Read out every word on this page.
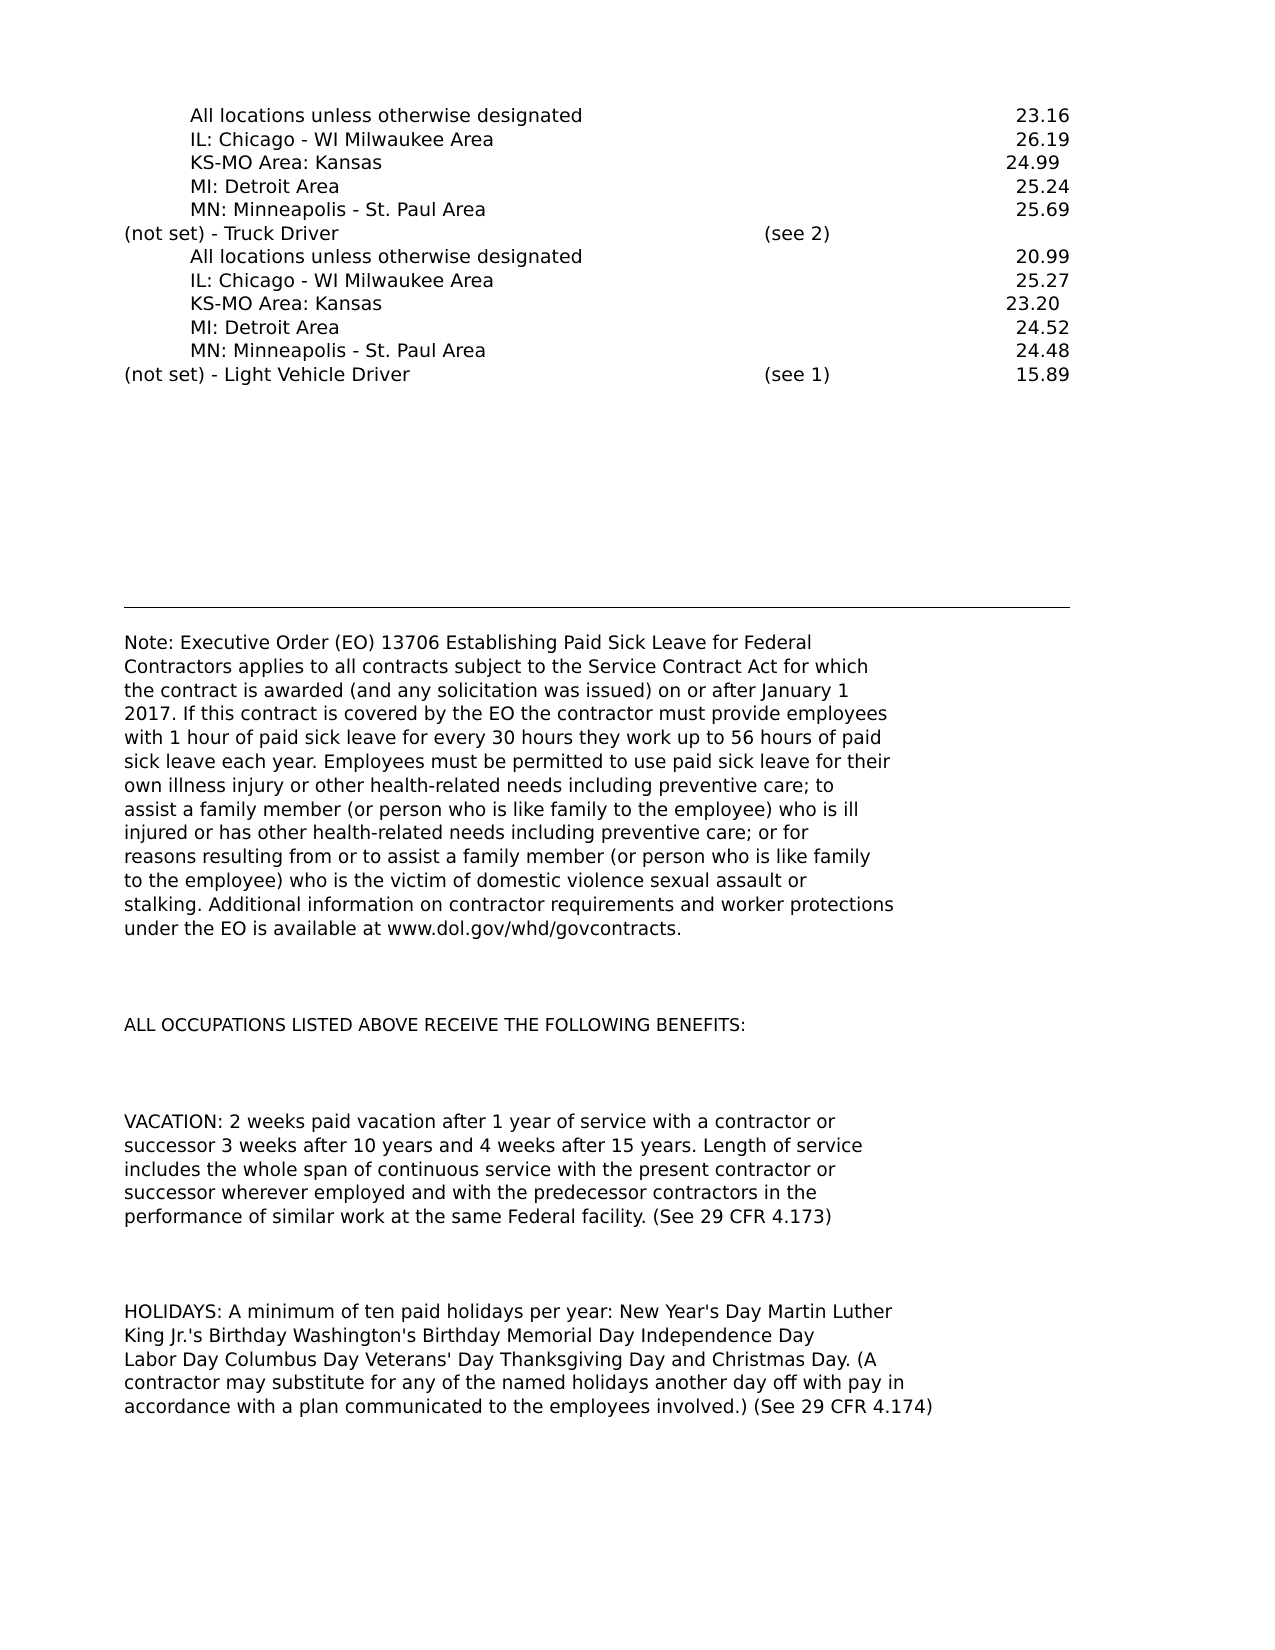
All locations unless otherwise designated	23.16
IL: Chicago - WI Milwaukee Area	26.19
KS-MO Area: Kansas	24.99
MI: Detroit Area	25.24
MN: Minneapolis - St. Paul Area	25.69
(not set) - Truck Driver	(see 2)
All locations unless otherwise designated	20.99
IL: Chicago - WI Milwaukee Area	25.27
KS-MO Area: Kansas	23.20
MI: Detroit Area	24.52
MN: Minneapolis - St. Paul Area	24.48
(not set) - Light Vehicle Driver	(see 1)	15.89

Note: Executive Order (EO) 13706 Establishing Paid Sick Leave for Federal
Contractors applies to all contracts subject to the Service Contract Act for which
the contract is awarded (and any solicitation was issued) on or after January 1
2017. If this contract is covered by the EO the contractor must provide employees
with 1 hour of paid sick leave for every 30 hours they work up to 56 hours of paid
sick leave each year. Employees must be permitted to use paid sick leave for their
own illness injury or other health-related needs including preventive care; to
assist a family member (or person who is like family to the employee) who is ill
injured or has other health-related needs including preventive care; or for
reasons resulting from or to assist a family member (or person who is like family
to the employee) who is the victim of domestic violence sexual assault or
stalking. Additional information on contractor requirements and worker protections
under the EO is available at www.dol.gov/whd/govcontracts.

ALL OCCUPATIONS LISTED ABOVE RECEIVE THE FOLLOWING BENEFITS:

VACATION: 2 weeks paid vacation after 1 year of service with a contractor or
successor 3 weeks after 10 years and 4 weeks after 15 years. Length of service
includes the whole span of continuous service with the present contractor or
successor wherever employed and with the predecessor contractors in the
performance of similar work at the same Federal facility. (See 29 CFR 4.173)

HOLIDAYS: A minimum of ten paid holidays per year: New Year's Day Martin Luther
King Jr.'s Birthday Washington's Birthday Memorial Day Independence Day
Labor Day Columbus Day Veterans' Day Thanksgiving Day and Christmas Day. (A
contractor may substitute for any of the named holidays another day off with pay in
accordance with a plan communicated to the employees involved.) (See 29 CFR 4.174)
